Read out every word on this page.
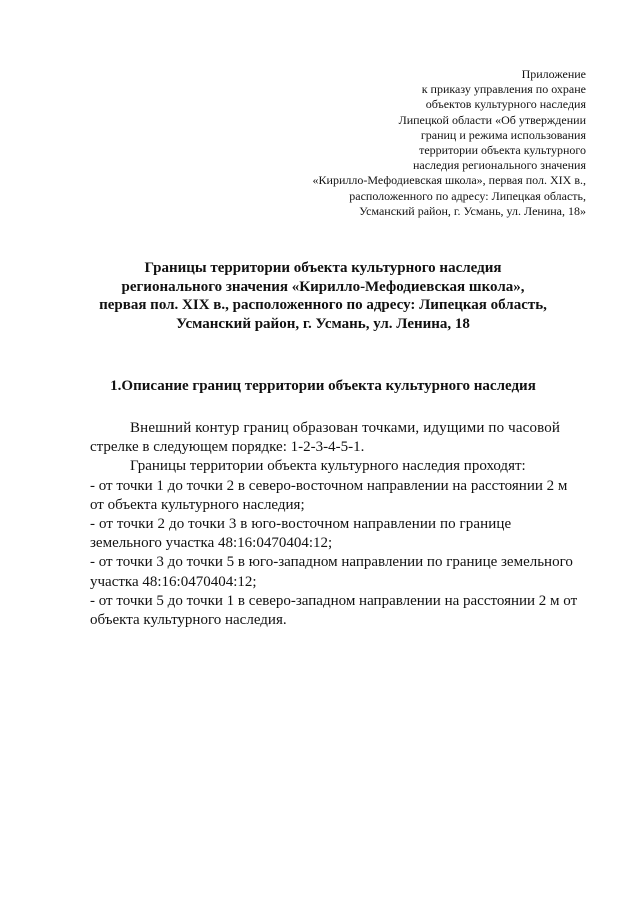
Приложение
к приказу управления по охране
объектов культурного наследия
Липецкой области «Об утверждении
границ и режима использования
территории объекта культурного
наследия регионального значения
«Кирилло-Мефодиевская школа», первая пол. XIX в.,
расположенного по адресу: Липецкая область,
Усманский район, г. Усмань, ул. Ленина, 18»
Границы территории объекта культурного наследия
регионального значения «Кирилло-Мефодиевская школа»,
первая пол. XIX в., расположенного по адресу: Липецкая область,
Усманский район, г. Усмань, ул. Ленина, 18
1.Описание границ территории объекта культурного наследия
Внешний контур границ образован точками, идущими по часовой
стрелке в следующем порядке: 1-2-3-4-5-1.
Границы территории объекта культурного наследия проходят:
- от точки 1 до точки 2 в северо-восточном направлении на расстоянии 2 м
от объекта культурного наследия;
- от точки 2 до точки 3 в юго-восточном направлении по границе
земельного участка 48:16:0470404:12;
- от точки 3 до точки 5 в юго-западном направлении по границе земельного
участка 48:16:0470404:12;
- от точки 5 до точки 1 в северо-западном направлении на расстоянии 2 м от
объекта культурного наследия.
